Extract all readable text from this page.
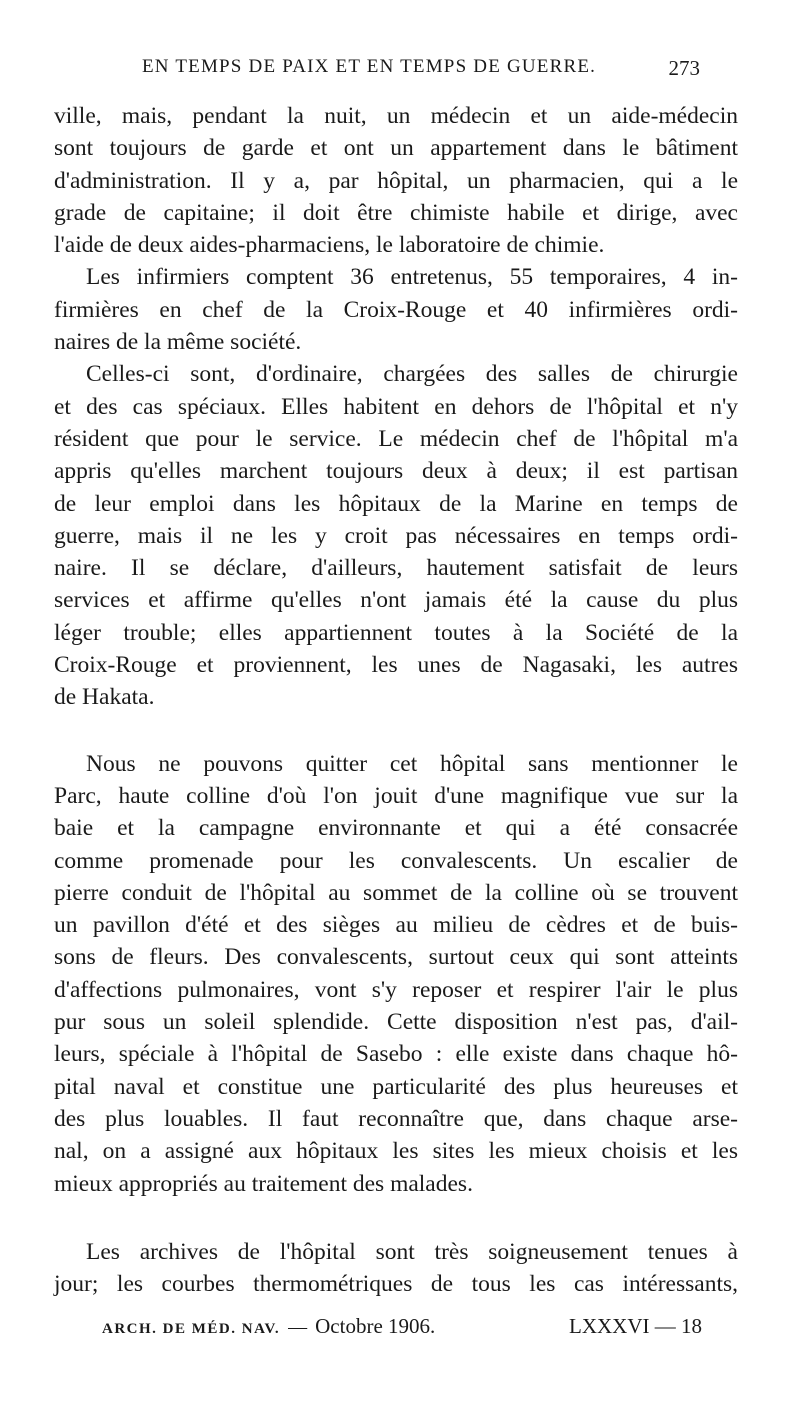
EN TEMPS DE PAIX ET EN TEMPS DE GUERRE.	273
ville, mais, pendant la nuit, un médecin et un aide-médecin
sont toujours de garde et ont un appartement dans le bâtiment
d'administration. Il y a, par hôpital, un pharmacien, qui a le
grade de capitaine; il doit être chimiste habile et dirige, avec
l'aide de deux aides-pharmaciens, le laboratoire de chimie.
Les infirmiers comptent 36 entretenus, 55 temporaires, 4 in-
firmières en chef de la Croix-Rouge et 40 infirmières ordi-
naires de la même société.
Celles-ci sont, d'ordinaire, chargées des salles de chirurgie
et des cas spéciaux. Elles habitent en dehors de l'hôpital et n'y
résident que pour le service. Le médecin chef de l'hôpital m'a
appris qu'elles marchent toujours deux à deux; il est partisan
de leur emploi dans les hôpitaux de la Marine en temps de
guerre, mais il ne les y croit pas nécessaires en temps ordi-
naire. Il se déclare, d'ailleurs, hautement satisfait de leurs
services et affirme qu'elles n'ont jamais été la cause du plus
léger trouble; elles appartiennent toutes à la Société de la
Croix-Rouge et proviennent, les unes de Nagasaki, les autres
de Hakata.
Nous ne pouvons quitter cet hôpital sans mentionner le
Parc, haute colline d'où l'on jouit d'une magnifique vue sur la
baie et la campagne environnante et qui a été consacrée
comme promenade pour les convalescents. Un escalier de
pierre conduit de l'hôpital au sommet de la colline où se trouvent
un pavillon d'été et des sièges au milieu de cèdres et de buis-
sons de fleurs. Des convalescents, surtout ceux qui sont atteints
d'affections pulmonaires, vont s'y reposer et respirer l'air le plus
pur sous un soleil splendide. Cette disposition n'est pas, d'ail-
leurs, spéciale à l'hôpital de Sasebo : elle existe dans chaque hô-
pital naval et constitue une particularité des plus heureuses et
des plus louables. Il faut reconnaître que, dans chaque arse-
nal, on a assigné aux hôpitaux les sites les mieux choisis et les
mieux appropriés au traitement des malades.
Les archives de l'hôpital sont très soigneusement tenues à
jour; les courbes thermométriques de tous les cas intéressants,
ARCH. DE MÉD. NAV. — Octobre 1906.	LXXXVI — 18
